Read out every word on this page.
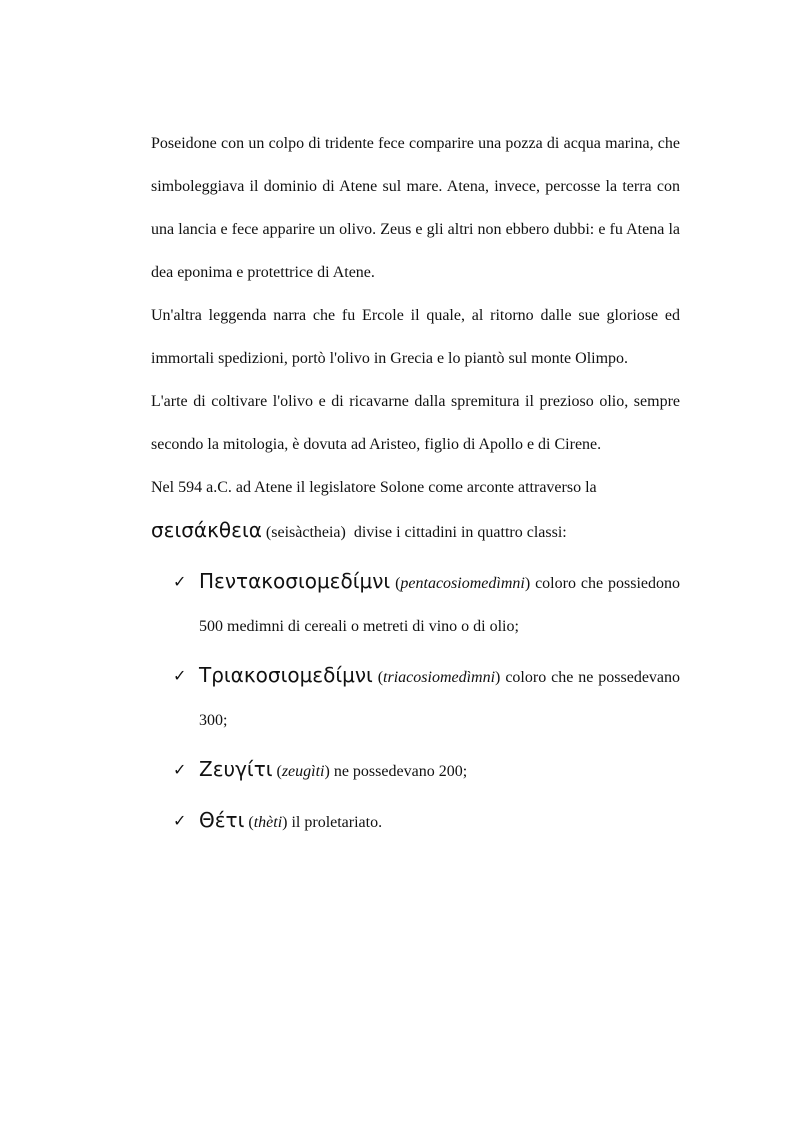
Poseidone con un colpo di tridente fece comparire una pozza di acqua marina, che simboleggiava il dominio di Atene sul mare. Atena, invece, percosse la terra con una lancia e fece apparire un olivo. Zeus e gli altri non ebbero dubbi: e fu Atena la dea eponima e protettrice di Atene.

Un'altra leggenda narra che fu Ercole il quale, al ritorno dalle sue gloriose ed immortali spedizioni, portò l'olivo in Grecia e lo piantò sul monte Olimpo.

L'arte di coltivare l'olivo e di ricavarne dalla spremitura il prezioso olio, sempre secondo la mitologia, è dovuta ad Aristeo, figlio di Apollo e di Cirene.

Nel 594 a.C. ad Atene il legislatore Solone come arconte attraverso la

σεισάκθεια (seisàctheia) divise i cittadini in quattro classi:

✓ Πεντακοσιομεδίμνι (pentacosiomedìmni) coloro che possiedono 500 medimni di cereali o metreti di vino o di olio;
✓ Τριακοσιομεδίμνι (triacosiomedìmni) coloro che ne possedevano 300;
✓ Ζευγίτι (zeugìti) ne possedevano 200;
✓ Θέτι (thèti) il proletariato.
